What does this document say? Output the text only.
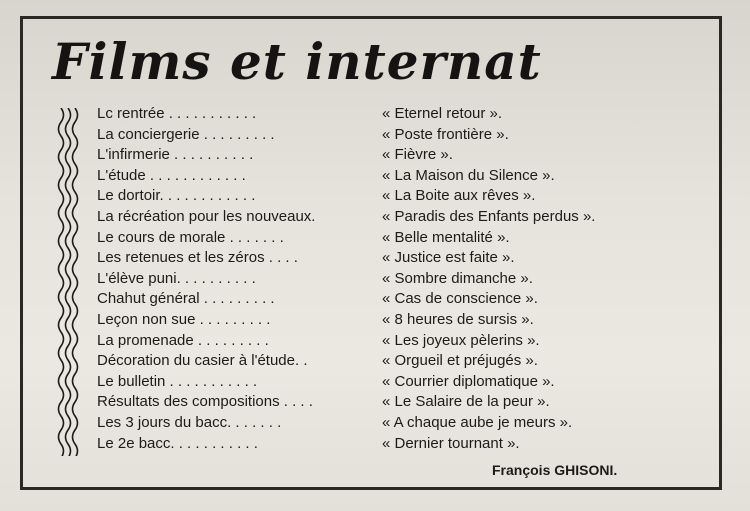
Films et internat
Lc rentrée . . . . . . . . . . .	« Eternel retour ».
La conciergerie . . . . . . . . .	« Poste frontière ».
L'infirmerie . . . . . . . . . .	« Fièvre ».
L'étude . . . . . . . . . . . .	« La Maison du Silence ».
Le dortoir. . . . . . . . . . . .	« La Boite aux rêves ».
La récréation pour les nouveaux.	« Paradis des Enfants perdus ».
Le cours de morale . . . . . . .	« Belle mentalité ».
Les retenues et les zéros . . . .	« Justice est faite ».
L'élève puni. . . . . . . . . .	« Sombre dimanche ».
Chahut général . . . . . . . . .	« Cas de conscience ».
Leçon non sue . . . . . . . . .	« 8 heures de sursis ».
La promenade . . . . . . . . .	« Les joyeux pèlerins ».
Décoration du casier à l'étude. .	« Orgueil et préjugés ».
Le bulletin . . . . . . . . . . .	« Courrier diplomatique ».
Résultats des compositions . . . .	« Le Salaire de la peur ».
Les 3 jours du bacc. . . . . . .	« A chaque aube je meurs ».
Le 2e bacc. . . . . . . . . . .	« Dernier tournant ».
François GHISONI.
